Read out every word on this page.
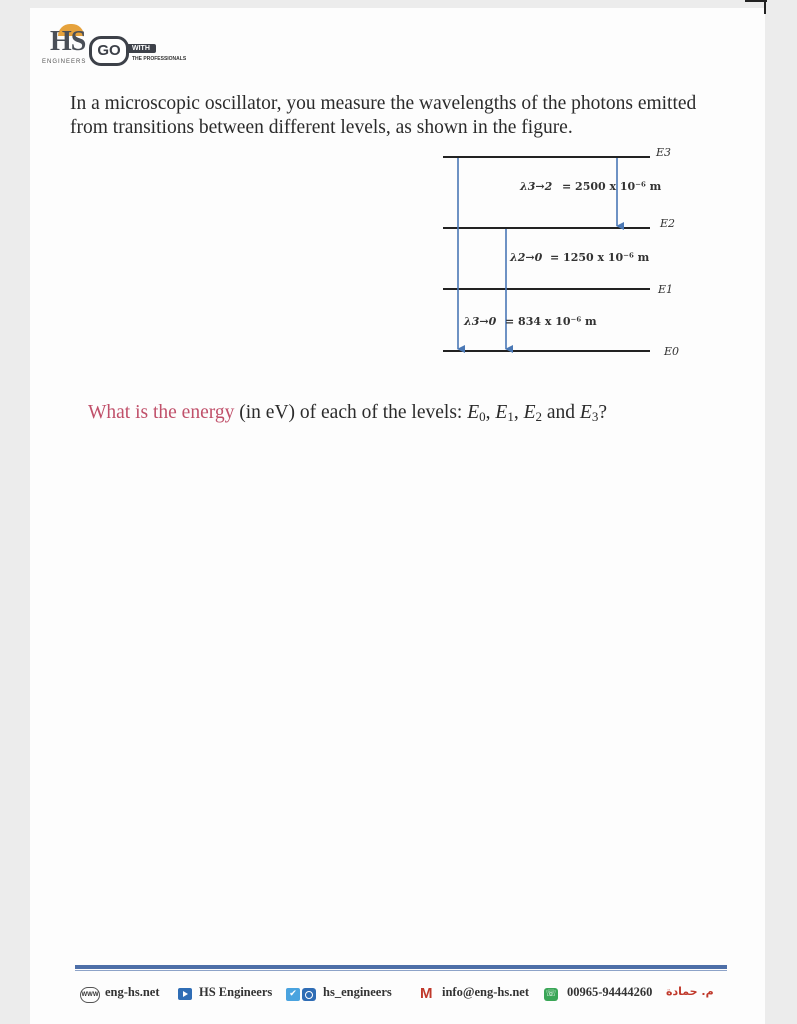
HS
ENGINEERS
GO	WITH
THE PROFESSIONALS
In a microscopic oscillator, you measure the wavelengths of the photons emitted from transitions between different levels, as shown in the figure.
E3
E2
E1
E0
λ3→2 = 2500 x 10⁻⁶ m
λ2→0 = 1250 x 10⁻⁶ m
λ3→0 = 834 x 10⁻⁶ m
What is the energy (in eV) of each of the levels: $E_0$, $E_1$, $E_2$ and $E_3$?
WWW eng-hs.net	HS Engineers	✔ hs_engineers M info@eng-hs.net ☏ 00965-94444260 م. حمادة
